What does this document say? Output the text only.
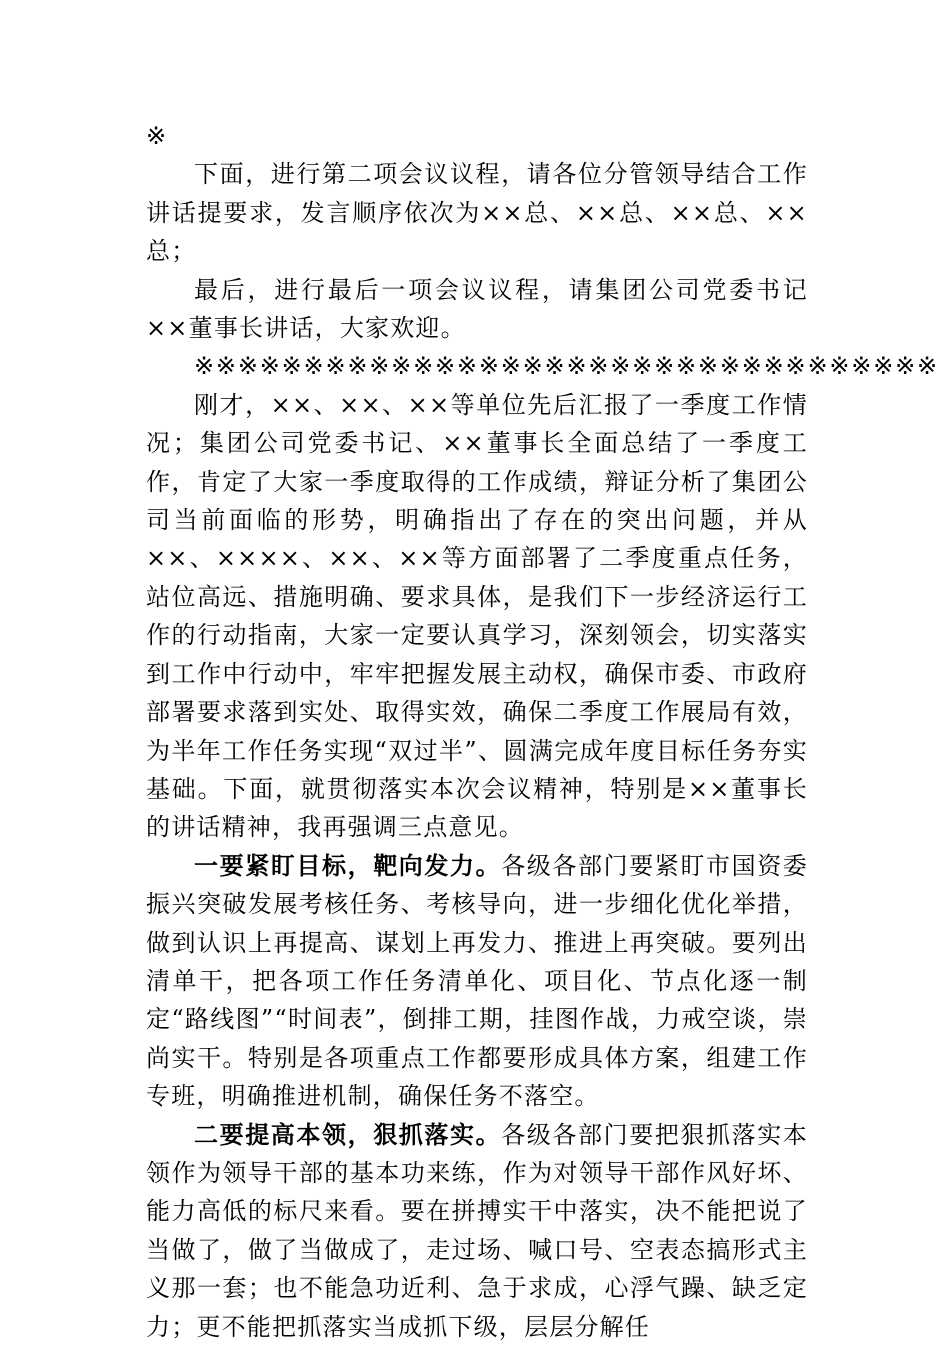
※

下面，进行第二项会议议程，请各位分管领导结合工作讲话提要求，发言顺序依次为××总、××总、××总、××总；

最后，进行最后一项会议议程，请集团公司党委书记××董事长讲话，大家欢迎。

※※※※※※※※※※※※※※※※※※※※※※※※※※※※※※※※※※

刚才，××、××、××等单位先后汇报了一季度工作情况；集团公司党委书记、××董事长全面总结了一季度工作，肯定了大家一季度取得的工作成绩，辩证分析了集团公司当前面临的形势，明确指出了存在的突出问题，并从××、××××、××、××等方面部署了二季度重点任务，站位高远、措施明确、要求具体，是我们下一步经济运行工作的行动指南，大家一定要认真学习，深刻领会，切实落实到工作中行动中，牢牢把握发展主动权，确保市委、市政府部署要求落到实处、取得实效，确保二季度工作展局有效，为半年工作任务实现“双过半”、圆满完成年度目标任务夯实基础。下面，就贯彻落实本次会议精神，特别是××董事长的讲话精神，我再强调三点意见。

一要紧盯目标，靶向发力。各级各部门要紧盯市国资委振兴突破发展考核任务、考核导向，进一步细化优化举措，做到认识上再提高、谋划上再发力、推进上再突破。要列出清单干，把各项工作任务清单化、项目化、节点化逐一制定“路线图”“时间表”，倒排工期，挂图作战，力戒空谈，崇尚实干。特别是各项重点工作都要形成具体方案，组建工作专班，明确推进机制，确保任务不落空。

二要提高本领，狠抓落实。各级各部门要把狠抓落实本领作为领导干部的基本功来练，作为对领导干部作风好坏、能力高低的标尺来看。要在拼搏实干中落实，决不能把说了当做了，做了当做成了，走过场、喊口号、空表态搞形式主义那一套；也不能急功近利、急于求成，心浮气躁、缺乏定力；更不能把抓落实当成抓下级，层层分解任
